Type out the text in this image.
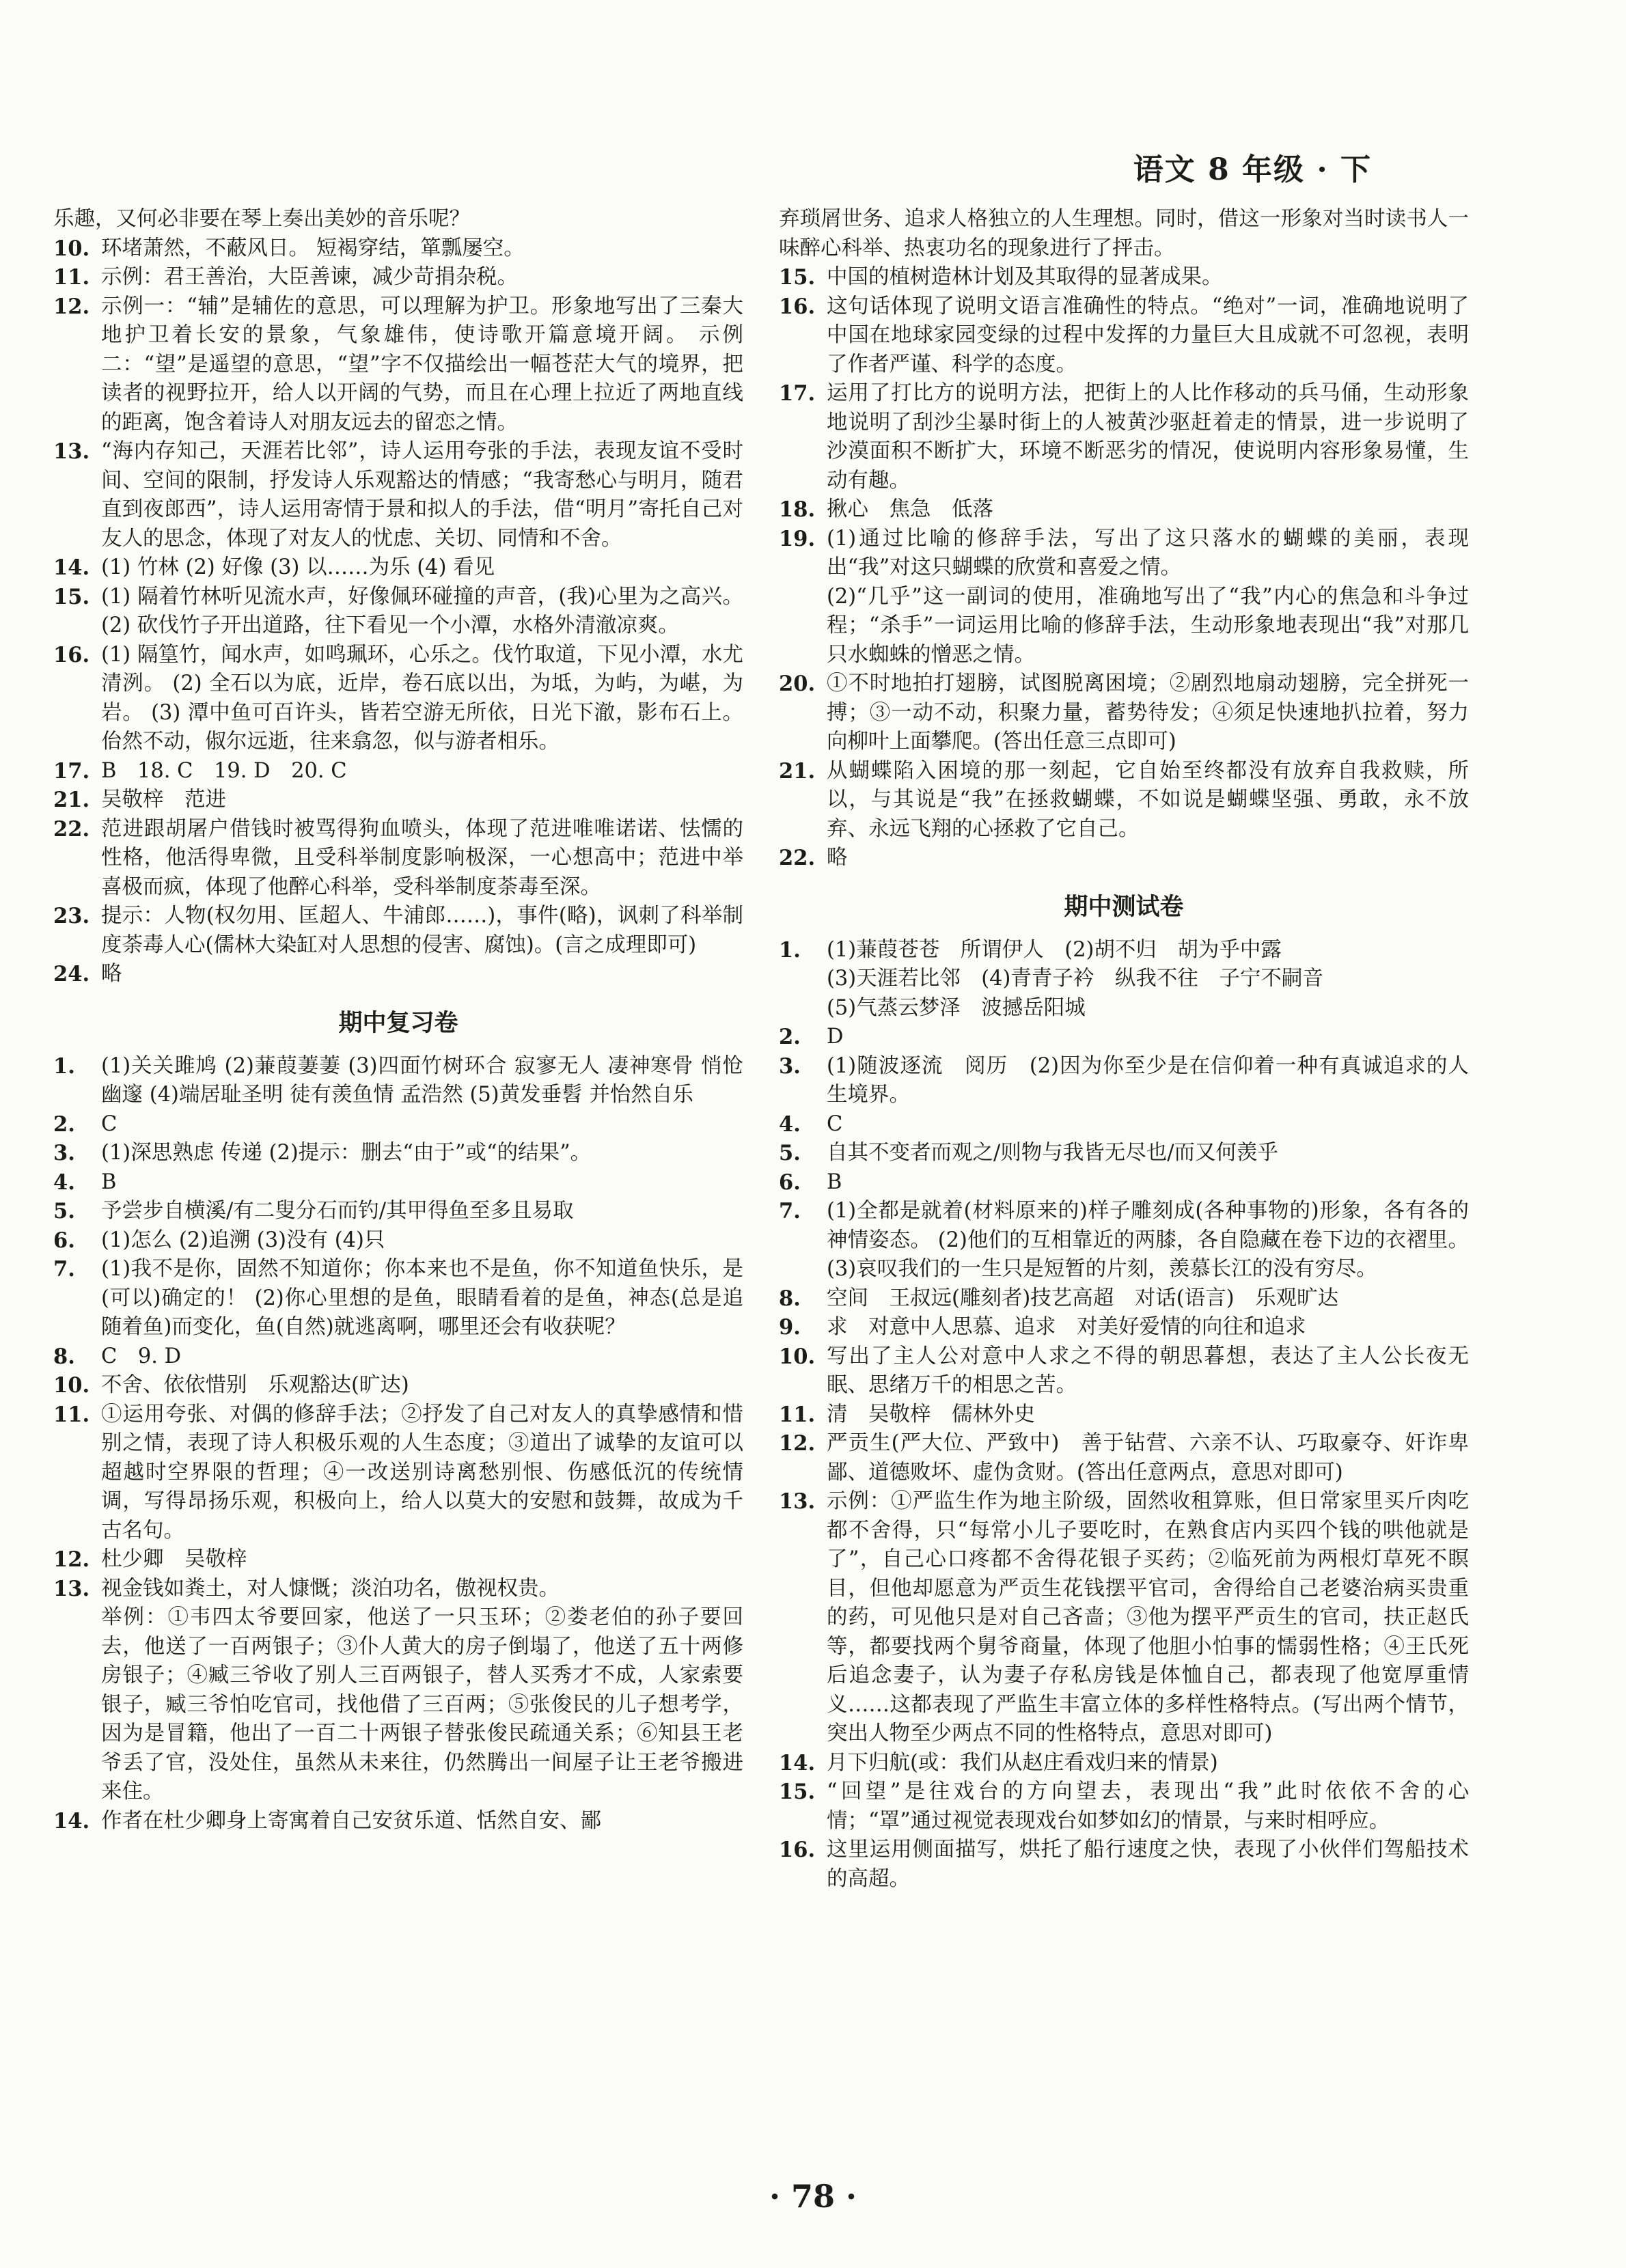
语文 8 年级 · 下
乐趣，又何必非要在琴上奏出美妙的音乐呢？
10. 环堵萧然，不蔽风日。 短褐穿结，箪瓢屡空。
11. 示例：君王善治，大臣善谏，减少苛捐杂税。
12. 示例一：“辅”是辅佐的意思，可以理解为护卫。形象地写出了三秦大地护卫着长安的景象，气象雄伟，使诗歌开篇意境开阔。 示例二：“望”是遥望的意思，“望”字不仅描绘出一幅苍茫大气的境界，把读者的视野拉开，给人以开阔的气势，而且在心理上拉近了两地直线的距离，饱含着诗人对朋友远去的留恋之情。
13. “海内存知己，天涯若比邻”，诗人运用夸张的手法，表现友谊不受时间、空间的限制，抒发诗人乐观豁达的情感；“我寄愁心与明月，随君直到夜郎西”，诗人运用寄情于景和拟人的手法，借“明月”寄托自己对友人的思念，体现了对友人的忧虑、关切、同情和不舍。
14. (1) 竹林 (2) 好像 (3) 以……为乐 (4) 看见
15. (1) 隔着竹林听见流水声，好像佩环碰撞的声音，(我)心里为之高兴。 (2) 砍伐竹子开出道路，往下看见一个小潭，水格外清澈凉爽。
16. (1) 隔篁竹，闻水声，如鸣珮环，心乐之。伐竹取道，下见小潭，水尤清洌。 (2) 全石以为底，近岸，卷石底以出，为坻，为屿，为嵁，为岩。 (3) 潭中鱼可百许头，皆若空游无所依，日光下澈，影布石上。佁然不动，俶尔远逝，往来翕忽，似与游者相乐。
17. B　18. C　19. D　20. C
21. 吴敬梓　范进
22. 范进跟胡屠户借钱时被骂得狗血喷头，体现了范进唯唯诺诺、怯懦的性格，他活得卑微，且受科举制度影响极深，一心想高中；范进中举喜极而疯，体现了他醉心科举，受科举制度荼毒至深。
23. 提示：人物(权勿用、匡超人、牛浦郎……)，事件(略)，讽刺了科举制度荼毒人心(儒林大染缸对人思想的侵害、腐蚀)。(言之成理即可)
24. 略
期中复习卷
1.	(1)关关雎鸠 (2)蒹葭萋萋 (3)四面竹树环合 寂寥无人 凄神寒骨 悄怆幽邃 (4)端居耻圣明 徒有羡鱼情 孟浩然 (5)黄发垂髫 并怡然自乐
2.	C
3.	(1)深思熟虑 传递 (2)提示：删去“由于”或“的结果”。
4.	B
5.	予尝步自横溪/有二叟分石而钓/其甲得鱼至多且易取
6.	(1)怎么 (2)追溯 (3)没有 (4)只
7.	(1)我不是你，固然不知道你；你本来也不是鱼，你不知道鱼快乐，是(可以)确定的！ (2)你心里想的是鱼，眼睛看着的是鱼，神态(总是追随着鱼)而变化，鱼(自然)就逃离啊，哪里还会有收获呢？
8.	C　9. D
10. 不舍、依依惜别　乐观豁达(旷达)
11. ①运用夸张、对偶的修辞手法；②抒发了自己对友人的真挚感情和惜别之情，表现了诗人积极乐观的人生态度；③道出了诚挚的友谊可以超越时空界限的哲理；④一改送别诗离愁别恨、伤感低沉的传统情调，写得昂扬乐观，积极向上，给人以莫大的安慰和鼓舞，故成为千古名句。
12. 杜少卿　吴敬梓
13. 视金钱如粪土，对人慷慨；淡泊功名，傲视权贵。
举例：①韦四太爷要回家，他送了一只玉环；②娄老伯的孙子要回去，他送了一百两银子；③仆人黄大的房子倒塌了，他送了五十两修房银子；④臧三爷收了别人三百两银子，替人买秀才不成，人家索要银子，臧三爷怕吃官司，找他借了三百两；⑤张俊民的儿子想考学，因为是冒籍，他出了一百二十两银子替张俊民疏通关系；⑥知县王老爷丢了官，没处住，虽然从未来往，仍然腾出一间屋子让王老爷搬进来住。
14. 作者在杜少卿身上寄寓着自己安贫乐道、恬然自安、鄙
弃琐屑世务、追求人格独立的人生理想。同时，借这一形象对当时读书人一味醉心科举、热衷功名的现象进行了抨击。
15. 中国的植树造林计划及其取得的显著成果。
16. 这句话体现了说明文语言准确性的特点。“绝对”一词，准确地说明了中国在地球家园变绿的过程中发挥的力量巨大且成就不可忽视，表明了作者严谨、科学的态度。
17. 运用了打比方的说明方法，把街上的人比作移动的兵马俑，生动形象地说明了刮沙尘暴时街上的人被黄沙驱赶着走的情景，进一步说明了沙漠面积不断扩大，环境不断恶劣的情况，使说明内容形象易懂，生动有趣。
18. 揪心　焦急　低落
19. (1)通过比喻的修辞手法，写出了这只落水的蝴蝶的美丽，表现出“我”对这只蝴蝶的欣赏和喜爱之情。
(2)“几乎”这一副词的使用，准确地写出了“我”内心的焦急和斗争过程；“杀手”一词运用比喻的修辞手法，生动形象地表现出“我”对那几只水蜘蛛的憎恶之情。
20. ①不时地拍打翅膀，试图脱离困境；②剧烈地扇动翅膀，完全拼死一搏；③一动不动，积聚力量，蓄势待发；④须足快速地扒拉着，努力向柳叶上面攀爬。(答出任意三点即可)
21. 从蝴蝶陷入困境的那一刻起，它自始至终都没有放弃自我救赎，所以，与其说是“我”在拯救蝴蝶，不如说是蝴蝶坚强、勇敢，永不放弃、永远飞翔的心拯救了它自己。
22. 略
期中测试卷
1.	(1)蒹葭苍苍　所谓伊人　(2)胡不归　胡为乎中露
(3)天涯若比邻　(4)青青子衿　纵我不往　子宁不嗣音
(5)气蒸云梦泽　波撼岳阳城
2.	D
3.	(1)随波逐流　阅历　(2)因为你至少是在信仰着一种有真诚追求的人生境界。
4.	C
5.	自其不变者而观之/则物与我皆无尽也/而又何羡乎
6.	B
7.	(1)全都是就着(材料原来的)样子雕刻成(各种事物的)形象，各有各的神情姿态。 (2)他们的互相靠近的两膝，各自隐藏在卷下边的衣褶里。 (3)哀叹我们的一生只是短暂的片刻，羡慕长江的没有穷尽。
8.	空间　王叔远(雕刻者)技艺高超　对话(语言)　乐观旷达
9.	求　对意中人思慕、追求　对美好爱情的向往和追求
10. 写出了主人公对意中人求之不得的朝思暮想，表达了主人公长夜无眠、思绪万千的相思之苦。
11. 清　吴敬梓　儒林外史
12. 严贡生(严大位、严致中)　善于钻营、六亲不认、巧取豪夺、奸诈卑鄙、道德败坏、虚伪贪财。(答出任意两点，意思对即可)
13. 示例：①严监生作为地主阶级，固然收租算账，但日常家里买斤肉吃都不舍得，只“每常小儿子要吃时，在熟食店内买四个钱的哄他就是了”，自己心口疼都不舍得花银子买药；②临死前为两根灯草死不瞑目，但他却愿意为严贡生花钱摆平官司，舍得给自己老婆治病买贵重的药，可见他只是对自己吝啬；③他为摆平严贡生的官司，扶正赵氏等，都要找两个舅爷商量，体现了他胆小怕事的懦弱性格；④王氏死后追念妻子，认为妻子存私房钱是体恤自己，都表现了他宽厚重情义……这都表现了严监生丰富立体的多样性格特点。(写出两个情节，突出人物至少两点不同的性格特点，意思对即可)
14. 月下归航(或：我们从赵庄看戏归来的情景)
15. “回望”是往戏台的方向望去，表现出“我”此时依依不舍的心情；“罩”通过视觉表现戏台如梦如幻的情景，与来时相呼应。
16. 这里运用侧面描写，烘托了船行速度之快，表现了小伙伴们驾船技术的高超。
· 78 ·
